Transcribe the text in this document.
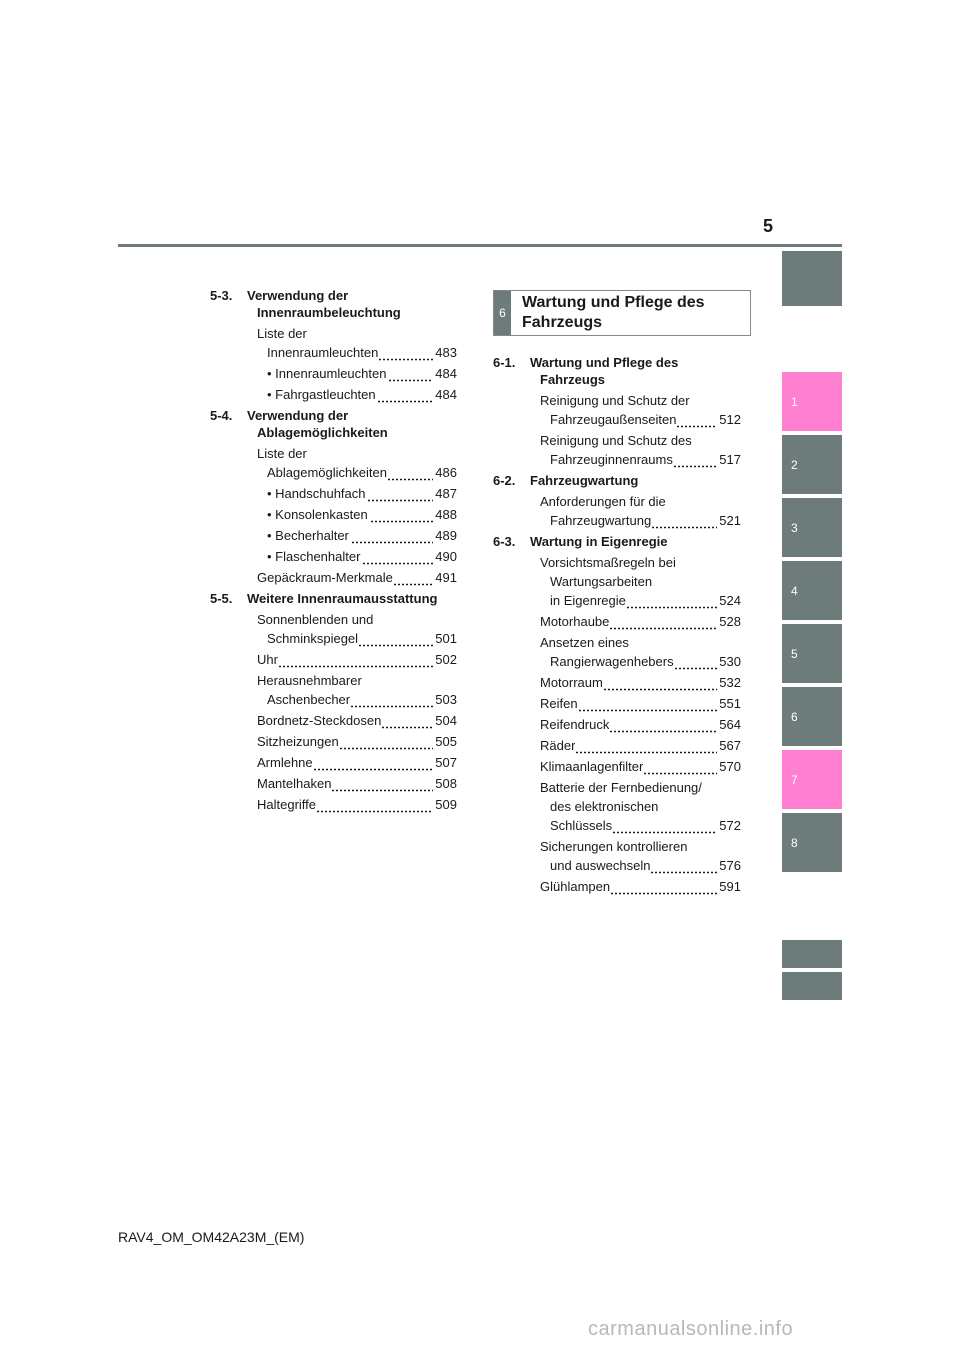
5
1
2
3
4
5
6
7
8
5-3.	Verwendung der Innenraumbeleuchtung
Liste der
Innenraumleuchten	483
• Innenraumleuchten	484
• Fahrgastleuchten	484
5-4.	Verwendung der Ablagemöglichkeiten
Liste der
Ablagemöglichkeiten	486
• Handschuhfach	487
• Konsolenkasten	488
• Becherhalter	489
• Flaschenhalter	490
Gepäckraum-Merkmale	491
5-5.	Weitere Innenraumausstattung
Sonnenblenden und
Schminkspiegel	501
Uhr	502
Herausnehmbarer
Aschenbecher	503
Bordnetz-Steckdosen	504
Sitzheizungen	505
Armlehne	507
Mantelhaken	508
Haltegriffe	509
6
Wartung und Pflege des
Fahrzeugs
6-1.	Wartung und Pflege des Fahrzeugs
Reinigung und Schutz der
Fahrzeugaußenseiten	512
Reinigung und Schutz des
Fahrzeuginnenraums	517
6-2.	Fahrzeugwartung
Anforderungen für die
Fahrzeugwartung	521
6-3.	Wartung in Eigenregie
Vorsichtsmaßregeln bei
Wartungsarbeiten
in Eigenregie	524
Motorhaube	528
Ansetzen eines
Rangierwagenhebers	530
Motorraum	532
Reifen	551
Reifendruck	564
Räder	567
Klimaanlagenfilter	570
Batterie der Fernbedienung/
des elektronischen
Schlüssels	572
Sicherungen kontrollieren
und auswechseln	576
Glühlampen	591
RAV4_OM_OM42A23M_(EM)
carmanualsonline.info
